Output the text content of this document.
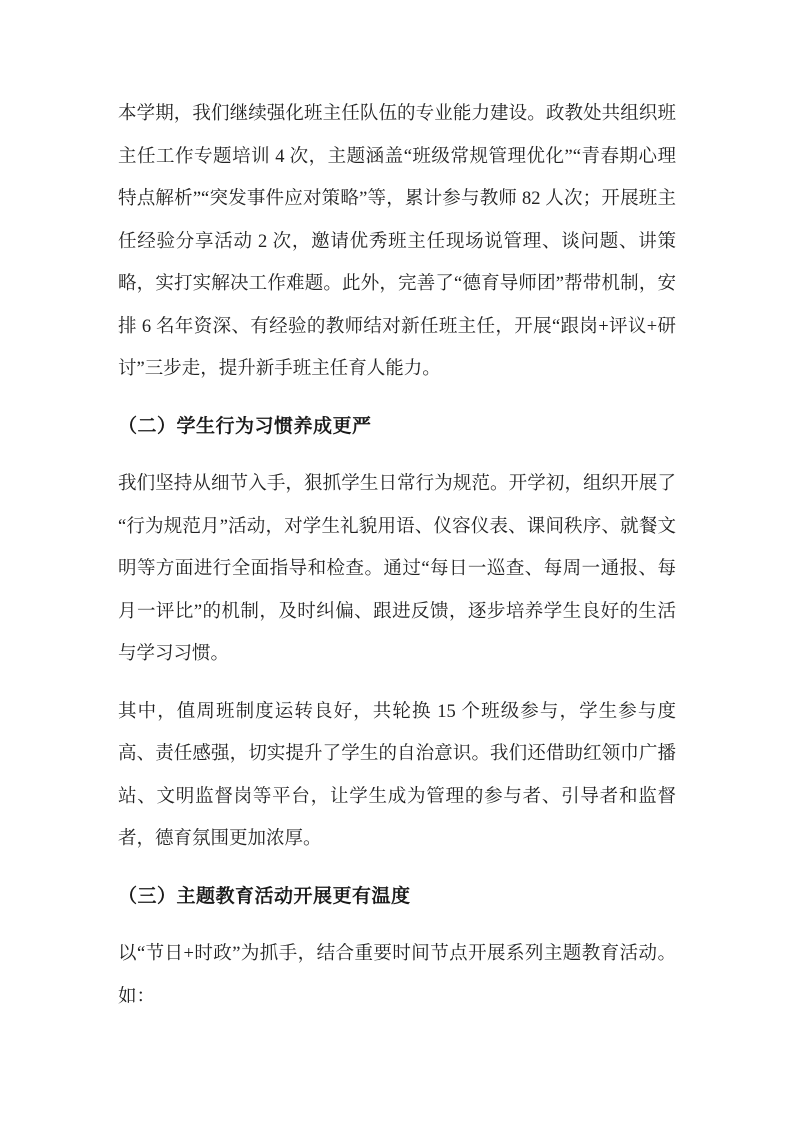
本学期，我们继续强化班主任队伍的专业能力建设。政教处共组织班主任工作专题培训 4 次，主题涵盖“班级常规管理优化”“青春期心理特点解析”“突发事件应对策略”等，累计参与教师 82 人次；开展班主任经验分享活动 2 次，邀请优秀班主任现场说管理、谈问题、讲策略，实打实解决工作难题。此外，完善了“德育导师团”帮带机制，安排 6 名年资深、有经验的教师结对新任班主任，开展“跟岗+评议+研讨”三步走，提升新手班主任育人能力。

（二）学生行为习惯养成更严

我们坚持从细节入手，狠抓学生日常行为规范。开学初，组织开展了“行为规范月”活动，对学生礼貌用语、仪容仪表、课间秩序、就餐文明等方面进行全面指导和检查。通过“每日一巡查、每周一通报、每月一评比”的机制，及时纠偏、跟进反馈，逐步培养学生良好的生活与学习习惯。

其中，值周班制度运转良好，共轮换 15 个班级参与，学生参与度高、责任感强，切实提升了学生的自治意识。我们还借助红领巾广播站、文明监督岗等平台，让学生成为管理的参与者、引导者和监督者，德育氛围更加浓厚。

（三）主题教育活动开展更有温度

以“节日+时政”为抓手，结合重要时间节点开展系列主题教育活动。如：
